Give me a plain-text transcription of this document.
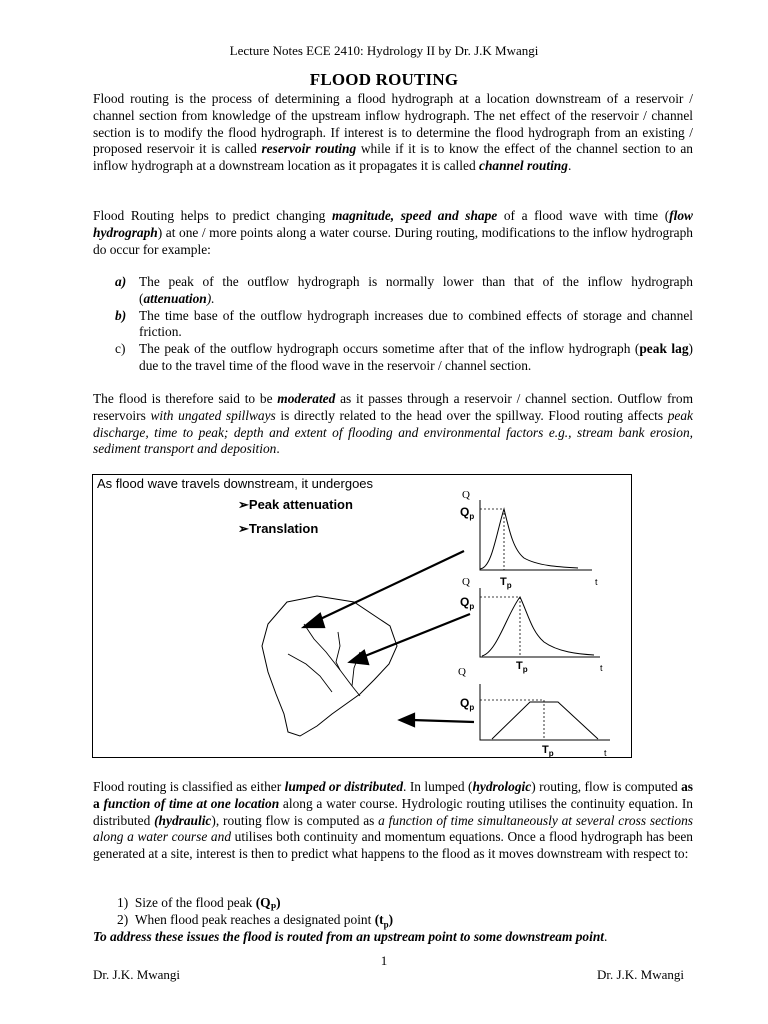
Lecture Notes ECE 2410: Hydrology II by Dr. J.K Mwangi
FLOOD ROUTING
Flood routing is the process of determining a flood hydrograph at a location downstream of a reservoir / channel section from knowledge of the upstream inflow hydrograph. The net effect of the reservoir / channel section is to modify the flood hydrograph. If interest is to determine the flood hydrograph from an existing / proposed reservoir it is called reservoir routing while if it is to know the effect of the channel section to an inflow hydrograph at a downstream location as it propagates it is called channel routing.
Flood Routing helps to predict changing magnitude, speed and shape of a flood wave with time (flow hydrograph) at one / more points along a water course. During routing, modifications to the inflow hydrograph do occur for example:
a) The peak of the outflow hydrograph is normally lower than that of the inflow hydrograph (attenuation).
b) The time base of the outflow hydrograph increases due to combined effects of storage and channel friction.
c) The peak of the outflow hydrograph occurs sometime after that of the inflow hydrograph (peak lag) due to the travel time of the flood wave in the reservoir / channel section.
The flood is therefore said to be moderated as it passes through a reservoir / channel section. Outflow from reservoirs with ungated spillways is directly related to the head over the spillway. Flood routing affects peak discharge, time to peak; depth and extent of flooding and environmental factors e.g., stream bank erosion, sediment transport and deposition.
As flood wave travels downstream, it undergoes
➢Peak attenuation
➢Translation
Q
$Q_p$
$T_p$	t
Q
$Q_p$
$T_p$	t
Q
$Q_p$
$T_p$	t
Flood routing is classified as either lumped or distributed. In lumped (hydrologic) routing, flow is computed as a function of time at one location along a water course. Hydrologic routing utilises the continuity equation. In distributed (hydraulic), routing flow is computed as a function of time simultaneously at several cross sections along a water course and utilises both continuity and momentum equations. Once a flood hydrograph has been generated at a site, interest is then to predict what happens to the flood as it moves downstream with respect to:
1) Size of the flood peak $(Q_P)$
2) When flood peak reaches a designated point $(t_p)$
To address these issues the flood is routed from an upstream point to some downstream point.
1
Dr. J.K. Mwangi	Dr. J.K. Mwangi
